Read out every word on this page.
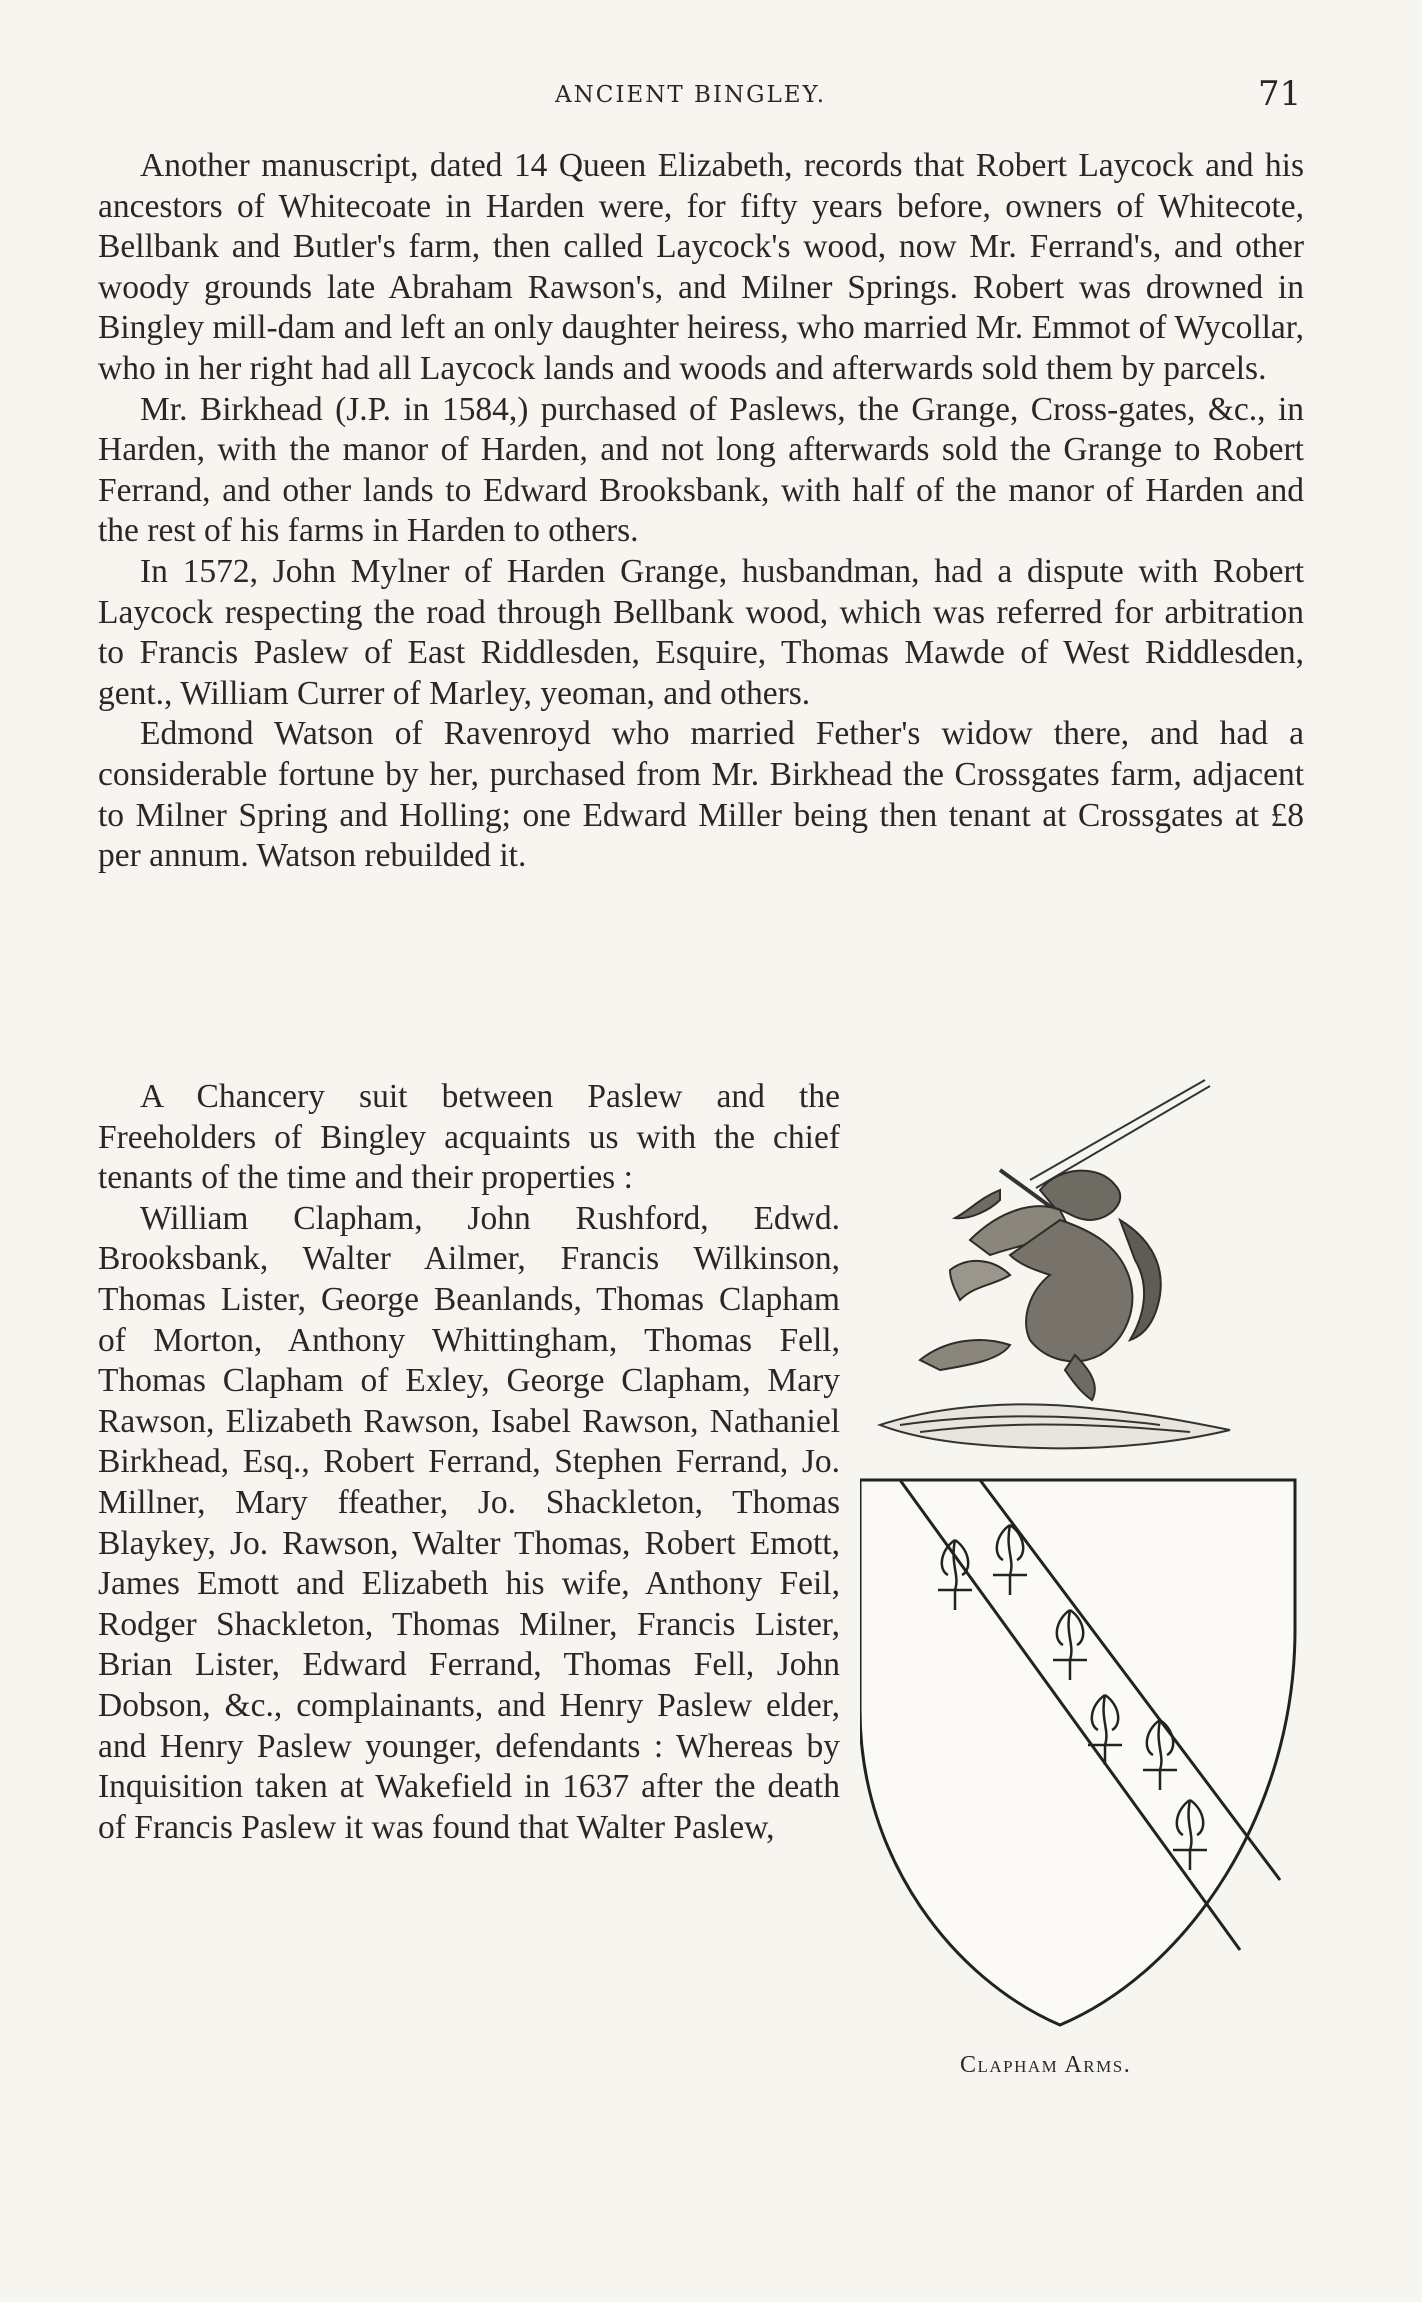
ANCIENT BINGLEY.	71

Another manuscript, dated 14 Queen Elizabeth, records that Robert Laycock and his ancestors of Whitecoate in Harden were, for fifty years before, owners of Whitecote, Bellbank and Butler's farm, then called Laycock's wood, now Mr. Ferrand's, and other woody grounds late Abraham Rawson's, and Milner Springs. Robert was drowned in Bingley mill-dam and left an only daughter heiress, who married Mr. Emmot of Wycollar, who in her right had all Laycock lands and woods and afterwards sold them by parcels.

Mr. Birkhead (J.P. in 1584,) purchased of Paslews, the Grange, Cross-gates, &c., in Harden, with the manor of Harden, and not long afterwards sold the Grange to Robert Ferrand, and other lands to Edward Brooksbank, with half of the manor of Harden and the rest of his farms in Harden to others.

In 1572, John Mylner of Harden Grange, husbandman, had a dispute with Robert Laycock respecting the road through Bellbank wood, which was referred for arbitration to Francis Paslew of East Riddlesden, Esquire, Thomas Mawde of West Riddlesden, gent., William Currer of Marley, yeoman, and others.

Edmond Watson of Ravenroyd who married Fether's widow there, and had a considerable fortune by her, purchased from Mr. Birkhead the Crossgates farm, adjacent to Milner Spring and Holling; one Edward Miller being then tenant at Crossgates at £8 per annum. Watson rebuilded it.

A Chancery suit between Paslew and the Freeholders of Bingley acquaints us with the chief tenants of the time and their properties :

William Clapham, John Rushford, Edwd. Brooksbank, Walter Ailmer, Francis Wilkinson, Thomas Lister, George Beanlands, Thomas Clapham of Morton, Anthony Whittingham, Thomas Fell, Thomas Clapham of Exley, George Clapham, Mary Rawson, Elizabeth Rawson, Isabel Rawson, Nathaniel Birkhead, Esq., Robert Ferrand, Stephen Ferrand, Jo. Millner, Mary ffeather, Jo. Shackleton, Thomas Blaykey, Jo. Rawson, Walter Thomas, Robert Emott, James Emott and Elizabeth his wife, Anthony Feil, Rodger Shackleton, Thomas Milner, Francis Lister, Brian Lister, Edward Ferrand, Thomas Fell, John Dobson, &c., complainants, and Henry Paslew elder, and Henry Paslew younger, defendants : Whereas by Inquisition taken at Wakefield in 1637 after the death of Francis Paslew it was found that Walter Paslew,

Clapham Arms.
